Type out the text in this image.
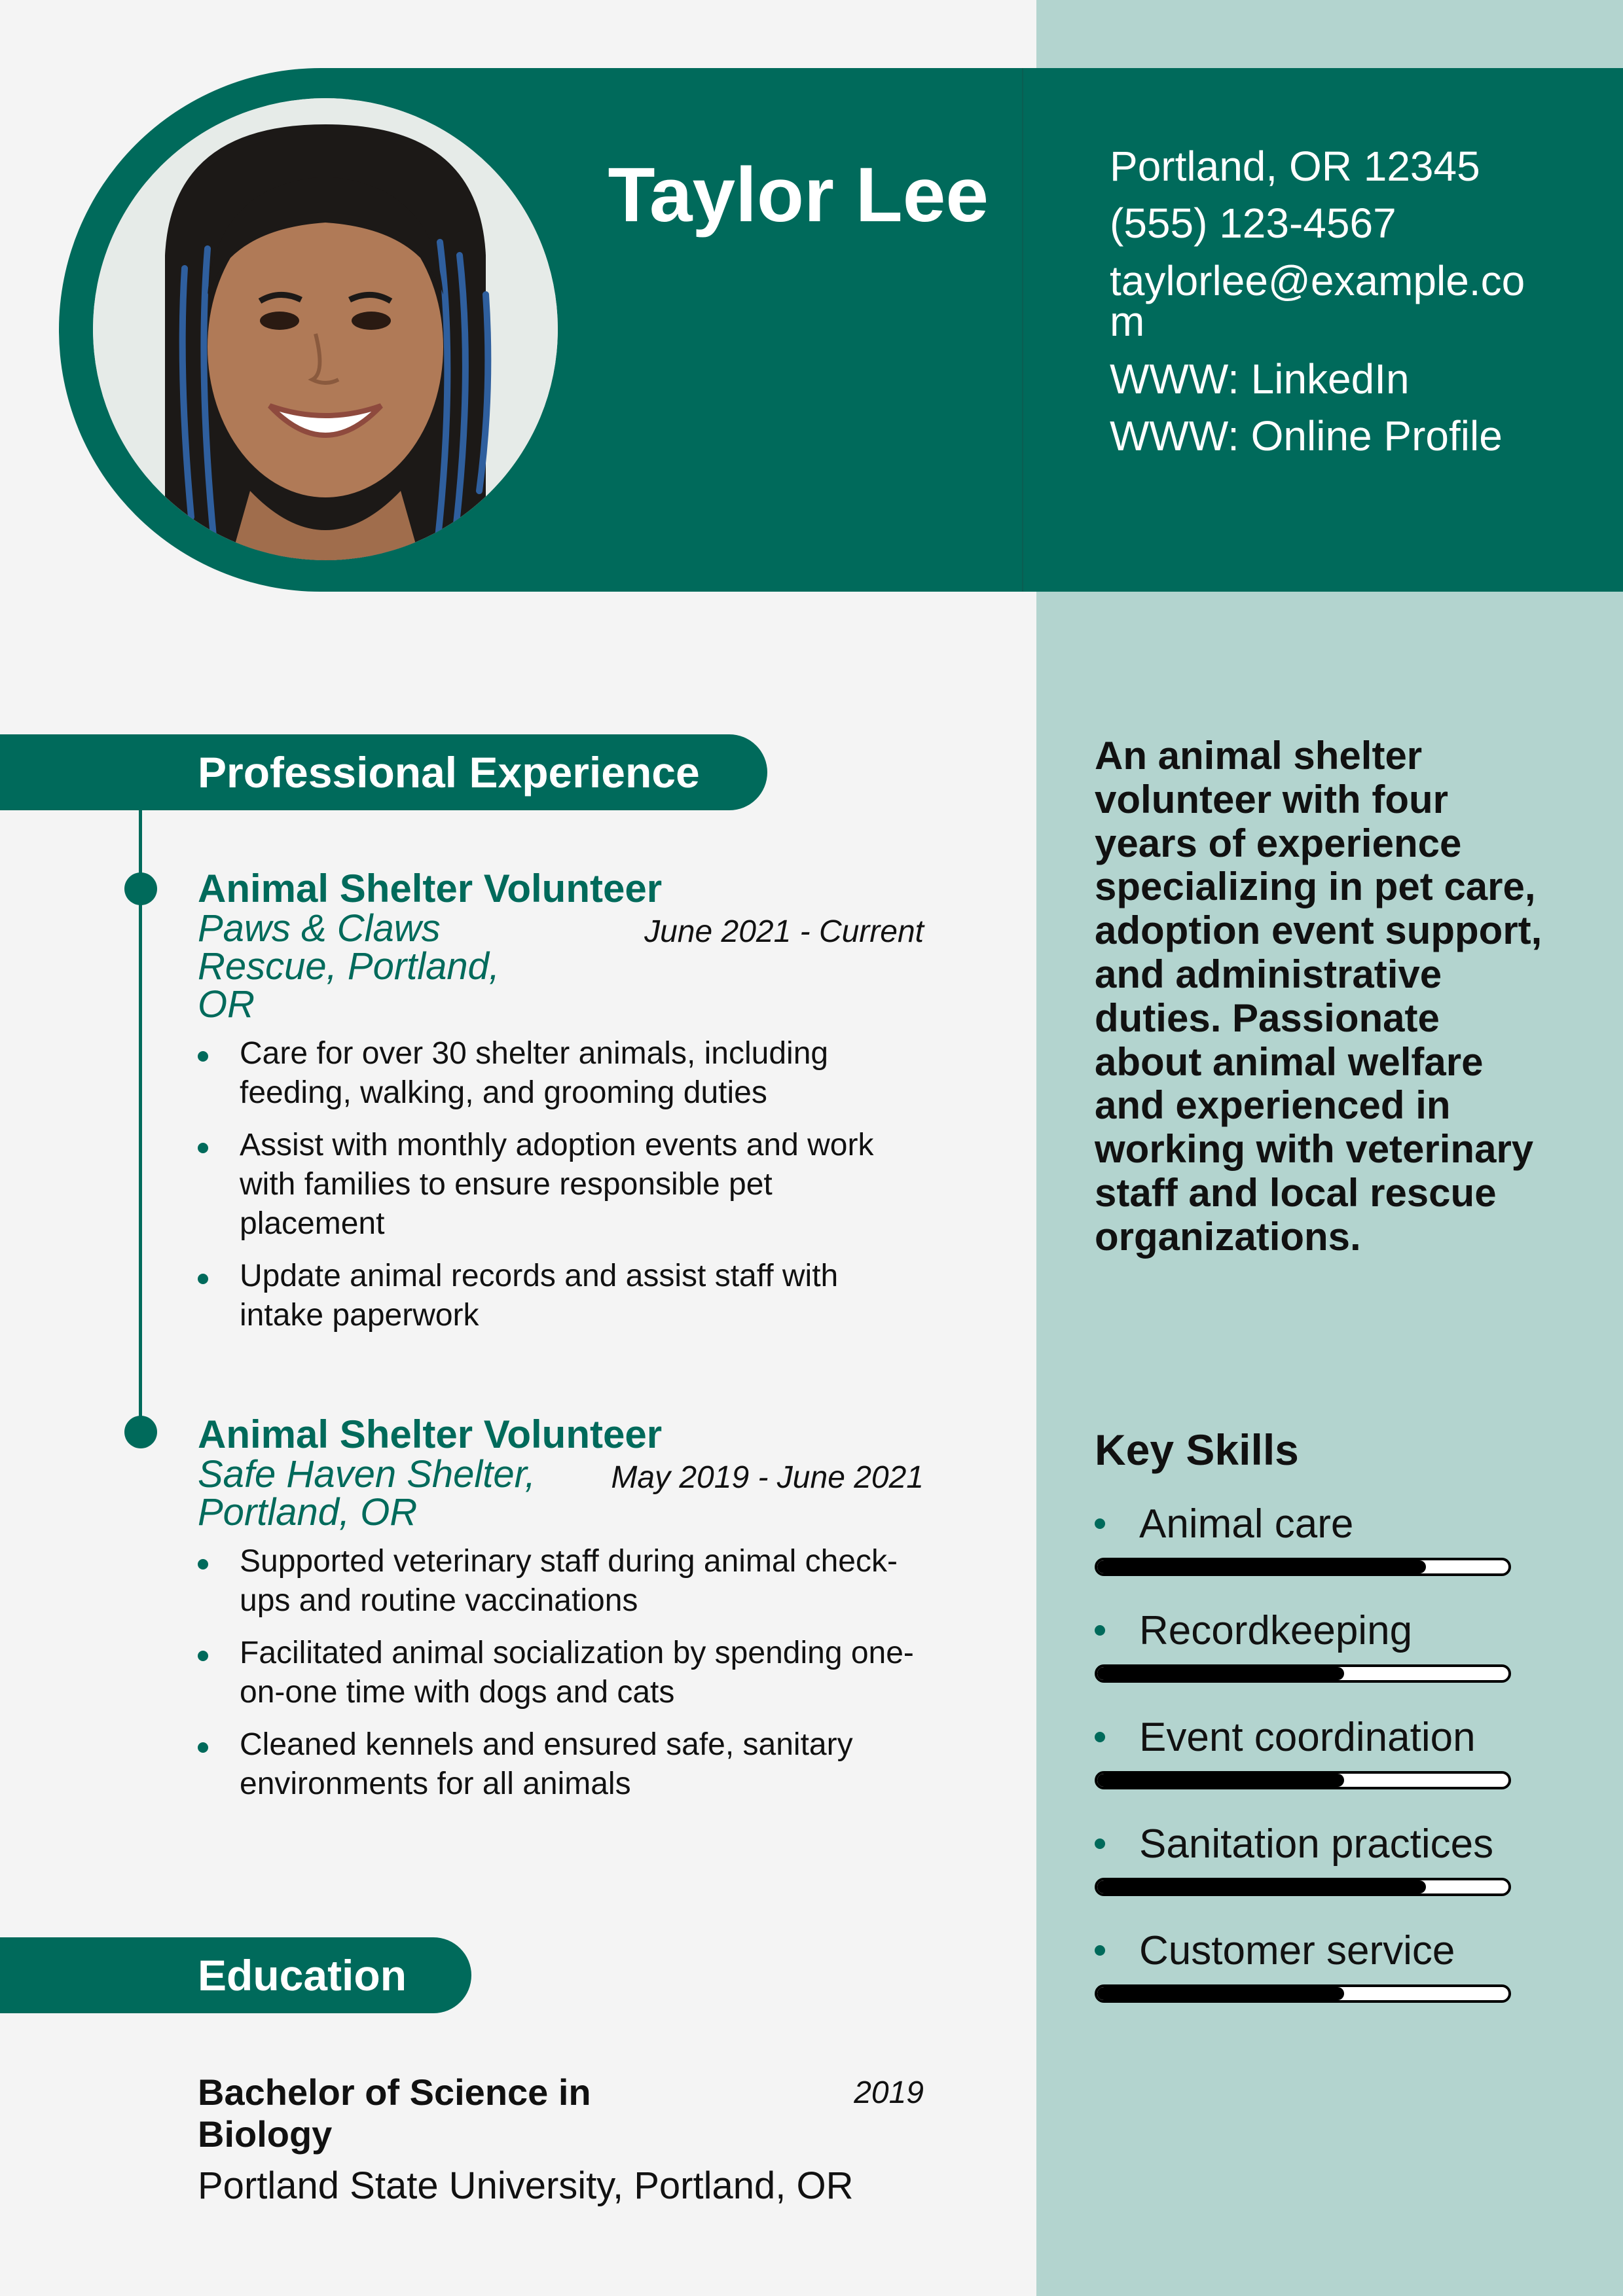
Taylor Lee	Portland, OR 12345
(555) 123-4567
taylorlee@example.com
WWW: LinkedIn
WWW: Online Profile
Professional Experience
Animal Shelter Volunteer
Paws & Claws Rescue, Portland, OR
June 2021 - Current
Care for over 30 shelter animals, including feeding, walking, and grooming duties
Assist with monthly adoption events and work with families to ensure responsible pet placement
Update animal records and assist staff with intake paperwork
Animal Shelter Volunteer
Safe Haven Shelter, Portland, OR
May 2019 - June 2021
Supported veterinary staff during animal check-ups and routine vaccinations
Facilitated animal socialization by spending one-on-one time with dogs and cats
Cleaned kennels and ensured safe, sanitary environments for all animals
Education
Bachelor of Science in Biology
2019
Portland State University, Portland, OR
An animal shelter volunteer with four years of experience specializing in pet care, adoption event support, and administrative duties. Passionate about animal welfare and experienced in working with veterinary staff and local rescue organizations.
Key Skills
Animal care
Recordkeeping
Event coordination
Sanitation practices
Customer service
